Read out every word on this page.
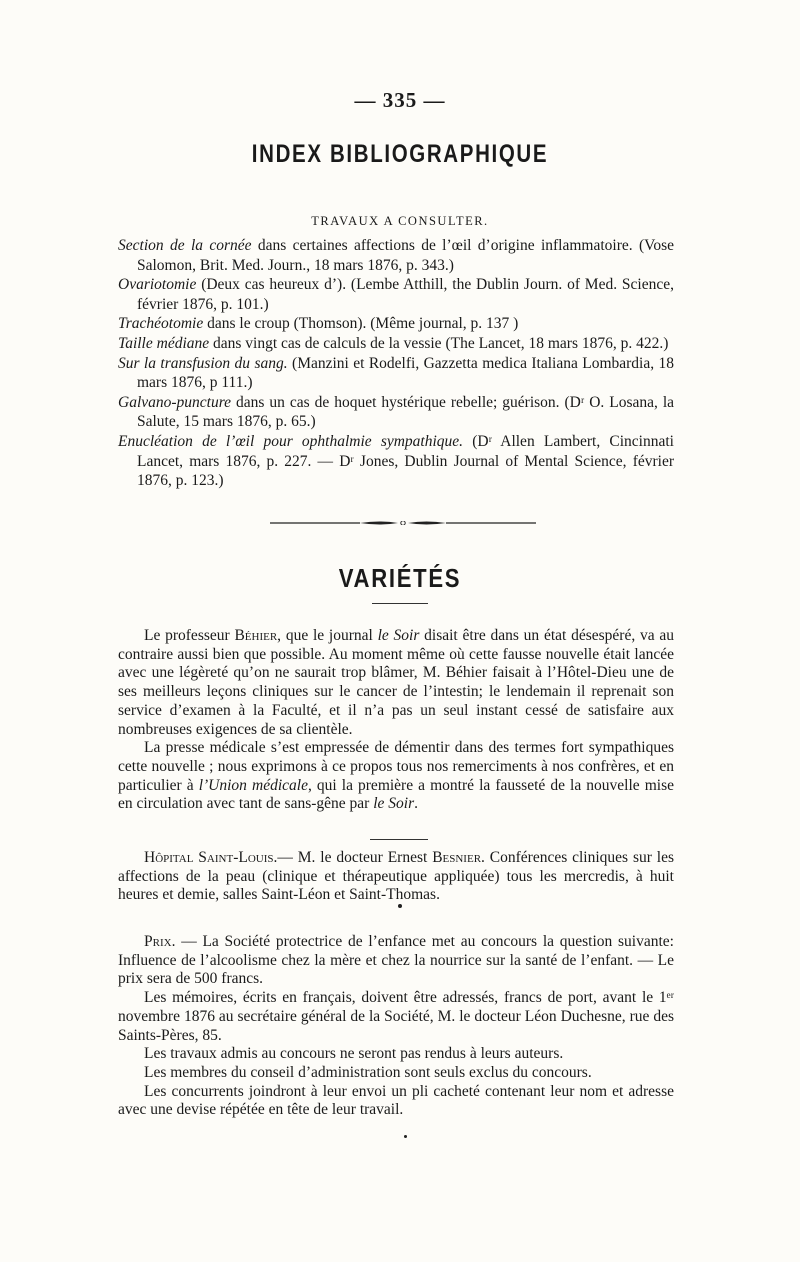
— 335 —
INDEX BIBLIOGRAPHIQUE
TRAVAUX A CONSULTER.
Section de la cornée dans certaines affections de l’œil d’origine inflammatoire. (Vose Salomon, Brit. Med. Journ., 18 mars 1876, p. 343.)
Ovariotomie (Deux cas heureux d’). (Lembe Atthill, the Dublin Journ. of Med. Science, février 1876, p. 101.)
Trachéotomie dans le croup (Thomson). (Même journal, p. 137 )
Taille médiane dans vingt cas de calculs de la vessie (The Lancet, 18 mars 1876, p. 422.)
Sur la transfusion du sang. (Manzini et Rodelfi, Gazzetta medica Italiana Lombardia, 18 mars 1876, p 111.)
Galvano-puncture dans un cas de hoquet hystérique rebelle; guérison. (Dʳ O. Losana, la Salute, 15 mars 1876, p. 65.)
Enucléation de l’œil pour ophthalmie sympathique. (Dʳ Allen Lambert, Cincinnati Lancet, mars 1876, p. 227. — Dʳ Jones, Dublin Journal of Mental Science, février 1876, p. 123.)
VARIÉTÉS

Le professeur Béhier, que le journal le Soir disait être dans un état désespéré, va au contraire aussi bien que possible. Au moment même où cette fausse nouvelle était lancée avec une légèreté qu’on ne saurait trop blâmer, M. Béhier faisait à l’Hôtel-Dieu une de ses meilleurs leçons cliniques sur le cancer de l’intestin; le lendemain il reprenait son service d’examen à la Faculté, et il n’a pas un seul instant cessé de satisfaire aux nombreuses exigences de sa clientèle.

La presse médicale s’est empressée de démentir dans des termes fort sympathiques cette nouvelle ; nous exprimons à ce propos tous nos remerciments à nos confrères, et en particulier à l’Union médicale, qui la première a montré la fausseté de la nouvelle mise en circulation avec tant de sans-gêne par le Soir.

Hôpital Saint-Louis.— M. le docteur Ernest Besnier. Conférences cliniques sur les affections de la peau (clinique et thérapeutique appliquée) tous les mercredis, à huit heures et demie, salles Saint-Léon et Saint-Thomas.

Prix. — La Société protectrice de l’enfance met au concours la question suivante: Influence de l’alcoolisme chez la mère et chez la nourrice sur la santé de l’enfant. — Le prix sera de 500 francs.

Les mémoires, écrits en français, doivent être adressés, francs de port, avant le 1ᵉʳ novembre 1876 au secrétaire général de la Société, M. le docteur Léon Duchesne, rue des Saints-Pères, 85.

Les travaux admis au concours ne seront pas rendus à leurs auteurs.

Les membres du conseil d’administration sont seuls exclus du concours.

Les concurrents joindront à leur envoi un pli cacheté contenant leur nom et adresse avec une devise répétée en tête de leur travail.
